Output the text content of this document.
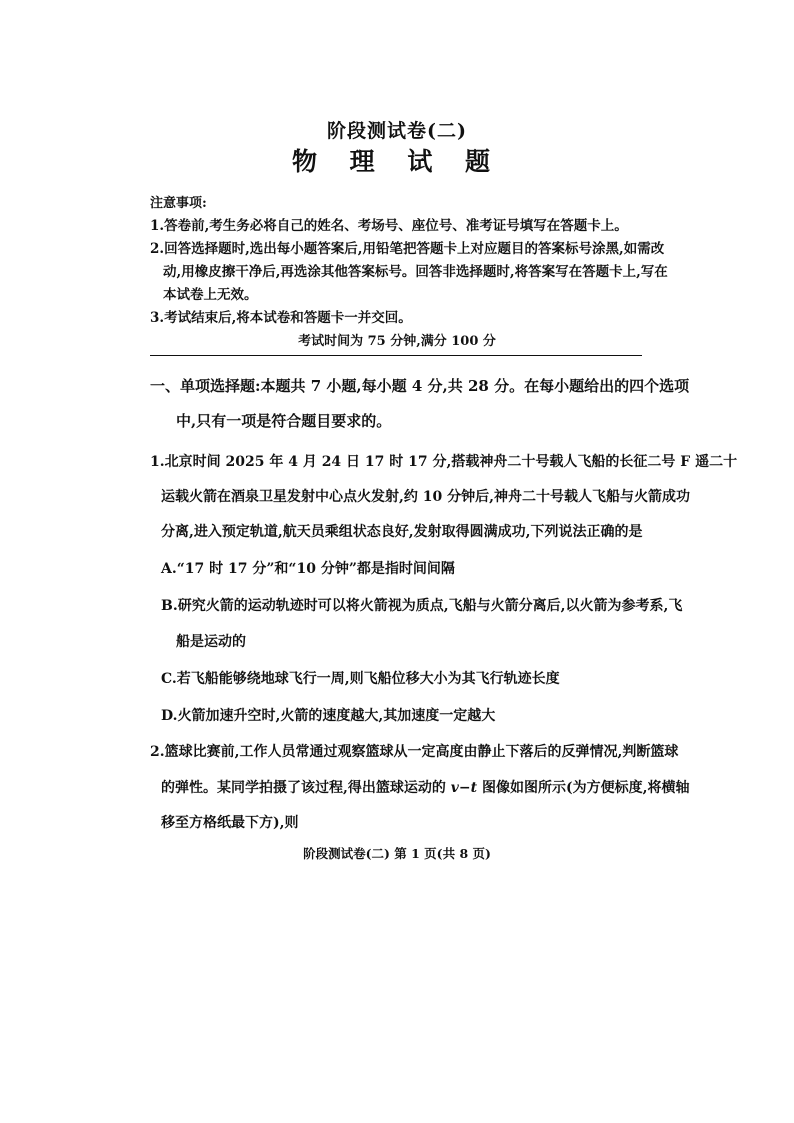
阶段测试卷(二)
物 理 试 题
注意事项:
1.答卷前,考生务必将自己的姓名、考场号、座位号、准考证号填写在答题卡上。
2.回答选择题时,选出每小题答案后,用铅笔把答题卡上对应题目的答案标号涂黑,如需改
动,用橡皮擦干净后,再选涂其他答案标号。回答非选择题时,将答案写在答题卡上,写在
本试卷上无效。
3.考试结束后,将本试卷和答题卡一并交回。
考试时间为 75 分钟,满分 100 分
一、单项选择题:本题共 7 小题,每小题 4 分,共 28 分。在每小题给出的四个选项
中,只有一项是符合题目要求的。
1.北京时间 2025 年 4 月 24 日 17 时 17 分,搭载神舟二十号载人飞船的长征二号 F 遥二十
运载火箭在酒泉卫星发射中心点火发射,约 10 分钟后,神舟二十号载人飞船与火箭成功
分离,进入预定轨道,航天员乘组状态良好,发射取得圆满成功,下列说法正确的是
A.“17 时 17 分”和“10 分钟”都是指时间间隔
B.研究火箭的运动轨迹时可以将火箭视为质点,飞船与火箭分离后,以火箭为参考系,飞
船是运动的
C.若飞船能够绕地球飞行一周,则飞船位移大小为其飞行轨迹长度
D.火箭加速升空时,火箭的速度越大,其加速度一定越大
2.篮球比赛前,工作人员常通过观察篮球从一定高度由静止下落后的反弹情况,判断篮球
的弹性。某同学拍摄了该过程,得出篮球运动的 v−t 图像如图所示(为方便标度,将横轴
移至方格纸最下方),则
阶段测试卷(二) 第 1 页(共 8 页)
